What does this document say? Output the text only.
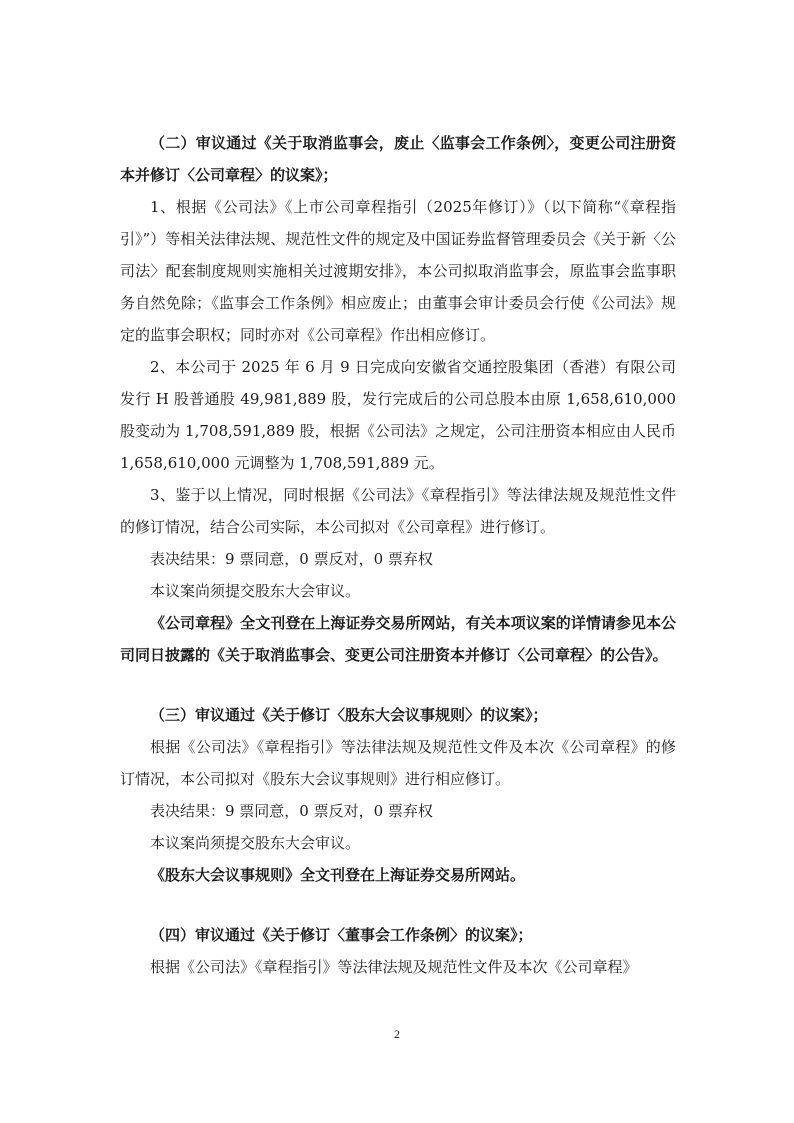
（二）审议通过《关于取消监事会，废止〈监事会工作条例〉，变更公司注册资本并修订〈公司章程〉的议案》；

1、根据《公司法》《上市公司章程指引（2025年修订）》（以下简称“《章程指引》”）等相关法律法规、规范性文件的规定及中国证券监督管理委员会《关于新〈公司法〉配套制度规则实施相关过渡期安排》，本公司拟取消监事会，原监事会监事职务自然免除；《监事会工作条例》相应废止；由董事会审计委员会行使《公司法》规定的监事会职权；同时亦对《公司章程》作出相应修订。

2、本公司于 2025 年 6 月 9 日完成向安徽省交通控股集团（香港）有限公司发行 H 股普通股 49,981,889 股，发行完成后的公司总股本由原 1,658,610,000 股变动为 1,708,591,889 股，根据《公司法》之规定，公司注册资本相应由人民币 1,658,610,000 元调整为 1,708,591,889 元。

3、鉴于以上情况，同时根据《公司法》《章程指引》等法律法规及规范性文件的修订情况，结合公司实际，本公司拟对《公司章程》进行修订。

表决结果：9 票同意，0 票反对，0 票弃权

本议案尚须提交股东大会审议。

《公司章程》全文刊登在上海证券交易所网站，有关本项议案的详情请参见本公司同日披露的《关于取消监事会、变更公司注册资本并修订〈公司章程〉的公告》。

（三）审议通过《关于修订〈股东大会议事规则〉的议案》；

根据《公司法》《章程指引》等法律法规及规范性文件及本次《公司章程》的修订情况，本公司拟对《股东大会议事规则》进行相应修订。

表决结果：9 票同意，0 票反对，0 票弃权

本议案尚须提交股东大会审议。

《股东大会议事规则》全文刊登在上海证券交易所网站。

（四）审议通过《关于修订〈董事会工作条例〉的议案》；

根据《公司法》《章程指引》等法律法规及规范性文件及本次《公司章程》

2
